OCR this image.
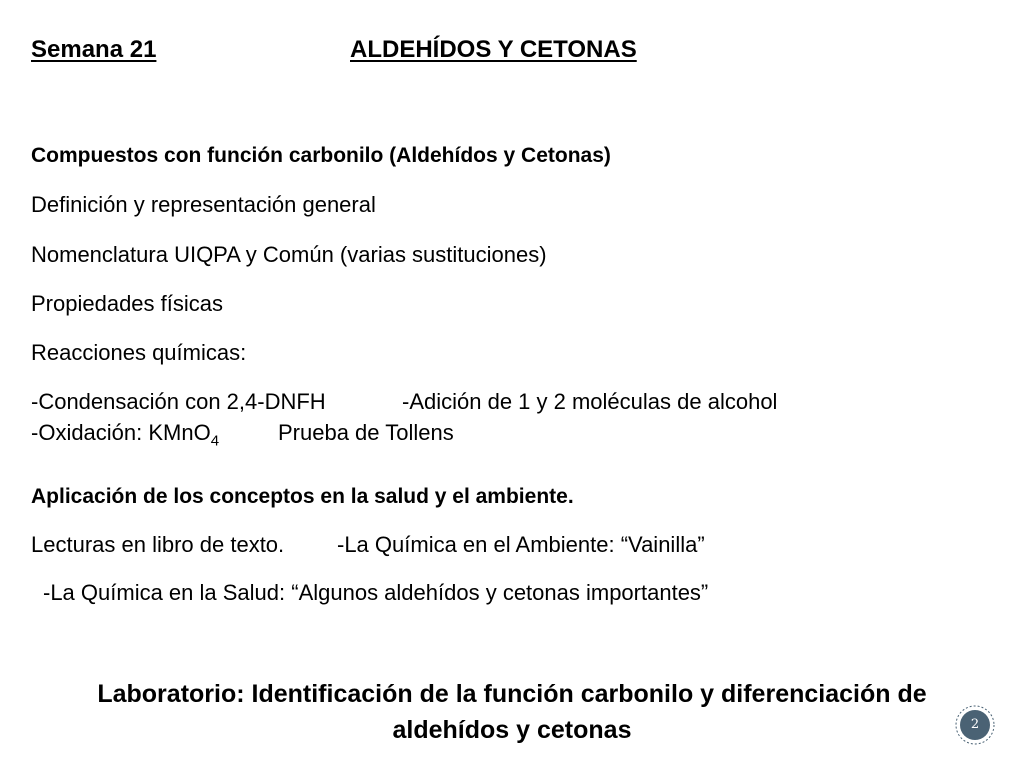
Semana 21	ALDEHÍDOS Y CETONAS
Compuestos con función carbonilo (Aldehídos y Cetonas)
Definición y representación general
Nomenclatura UIQPA y Común (varias sustituciones)
Propiedades físicas
Reacciones químicas:
-Condensación con 2,4-DNFH	-Adición de 1 y 2 moléculas de alcohol
-Oxidación: KMnO$_4$	Prueba de Tollens
Aplicación de los conceptos en la salud y el ambiente.
Lecturas en libro de texto. -La Química en el Ambiente: “Vainilla”
-La Química en la Salud: “Algunos aldehídos y cetonas importantes”
Laboratorio: Identificación de la función carbonilo y diferenciación de
aldehídos y cetonas	2
